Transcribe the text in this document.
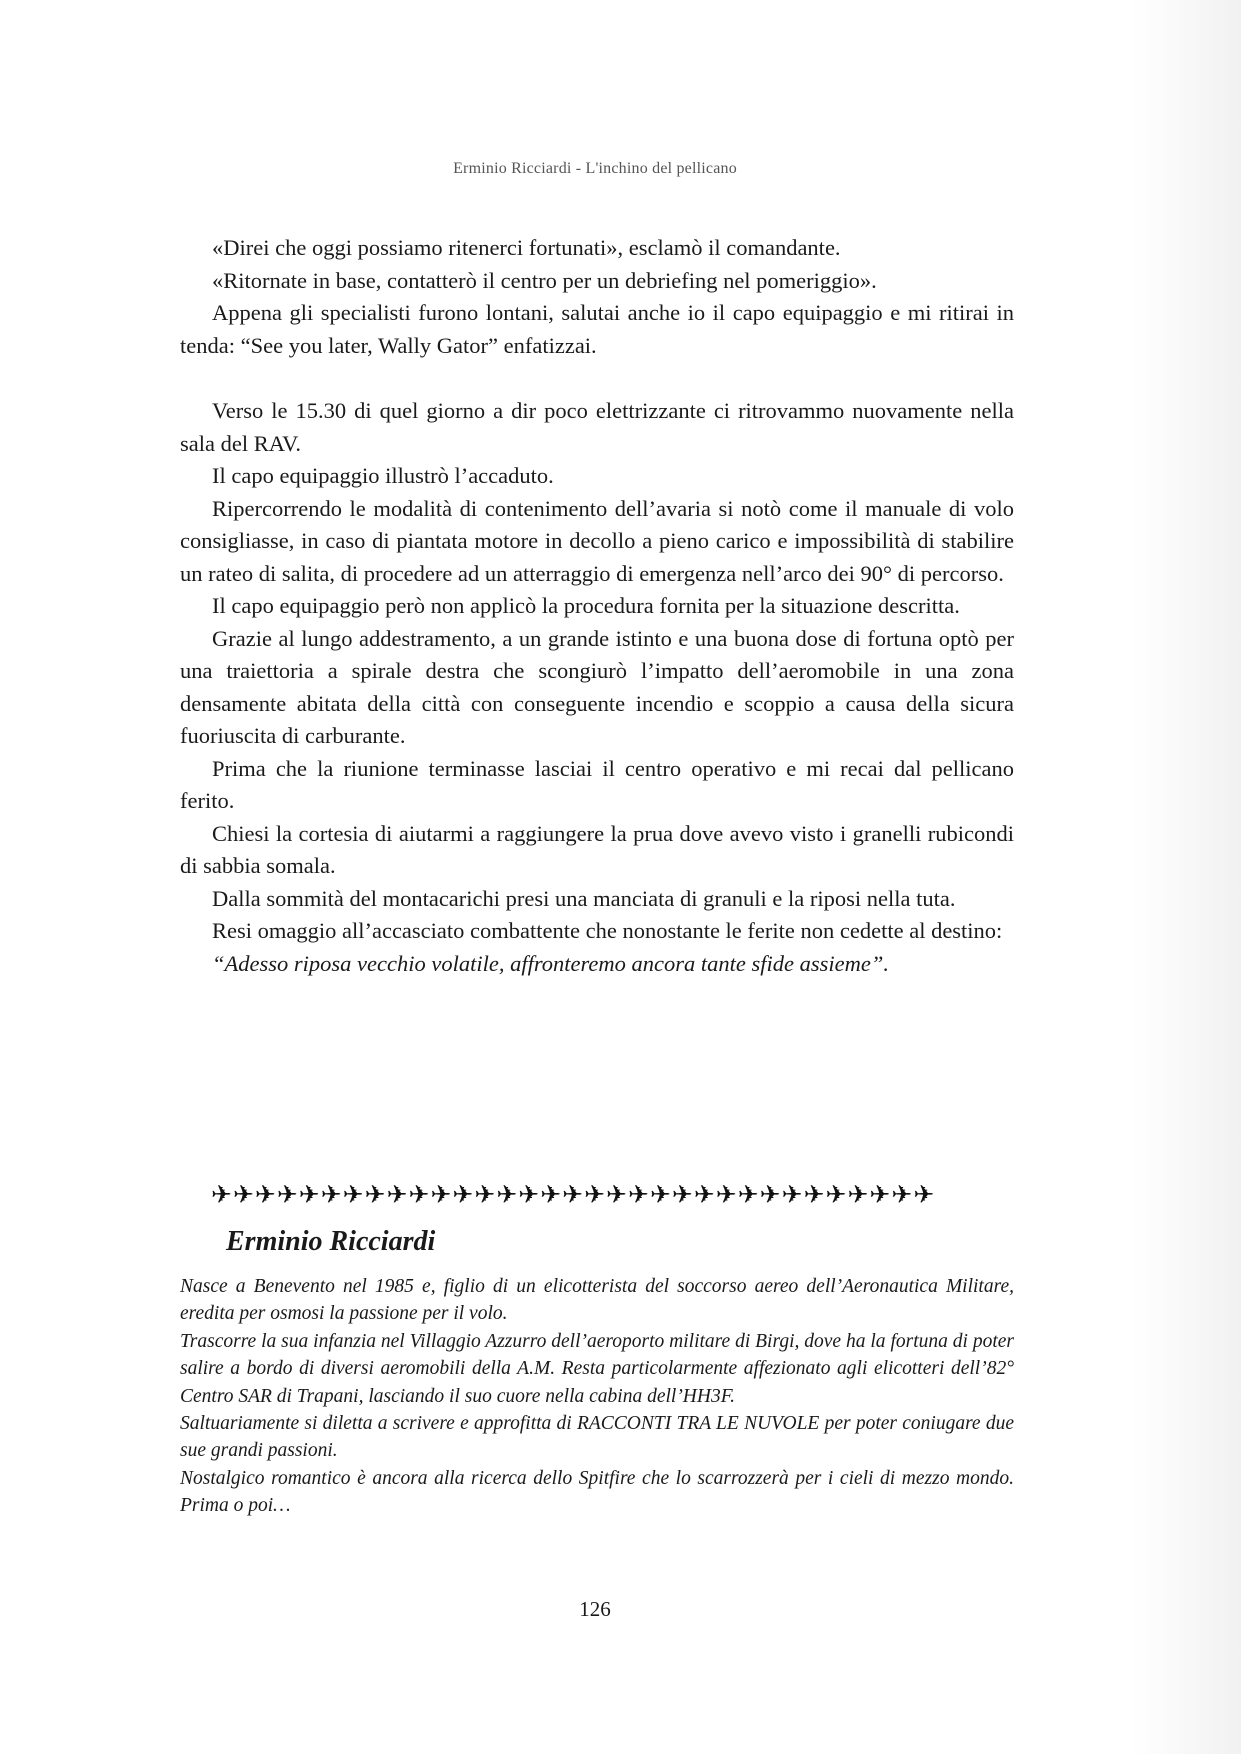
Erminio Ricciardi - L'inchino del pellicano

«Direi che oggi possiamo ritenerci fortunati», esclamò il comandante.

«Ritornate in base, contatterò il centro per un debriefing nel pomeriggio».

Appena gli specialisti furono lontani, salutai anche io il capo equipaggio e mi ritirai in tenda: “See you later, Wally Gator” enfatizzai.

Verso le 15.30 di quel giorno a dir poco elettrizzante ci ritrovammo nuovamente nella sala del RAV.

Il capo equipaggio illustrò l’accaduto.

Ripercorrendo le modalità di contenimento dell’avaria si notò come il manuale di volo consigliasse, in caso di piantata motore in decollo a pieno carico e impossibilità di stabilire un rateo di salita, di procedere ad un atterraggio di emergenza nell’arco dei 90° di percorso.

Il capo equipaggio però non applicò la procedura fornita per la situazione descritta.

Grazie al lungo addestramento, a un grande istinto e una buona dose di fortuna optò per una traiettoria a spirale destra che scongiurò l’impatto dell’aeromobile in una zona densamente abitata della città con conseguente incendio e scoppio a causa della sicura fuoriuscita di carburante.

Prima che la riunione terminasse lasciai il centro operativo e mi recai dal pellicano ferito.

Chiesi la cortesia di aiutarmi a raggiungere la prua dove avevo visto i granelli rubicondi di sabbia somala.

Dalla sommità del montacarichi presi una manciata di granuli e la riposi nella tuta.

Resi omaggio all’accasciato combattente che nonostante le ferite non cedette al destino:

“Adesso riposa vecchio volatile, affronteremo ancora tante sfide assieme”.

✈✈✈✈✈✈✈✈✈✈✈✈✈✈✈✈✈✈✈✈✈✈✈✈✈✈✈✈✈✈✈✈✈
Erminio Ricciardi

Nasce a Benevento nel 1985 e, figlio di un elicotterista del soccorso aereo dell’Aeronautica Militare, eredita per osmosi la passione per il volo.

Trascorre la sua infanzia nel Villaggio Azzurro dell’aeroporto militare di Birgi, dove ha la fortuna di poter salire a bordo di diversi aeromobili della A.M. Resta particolarmente affezionato agli elicotteri dell’82° Centro SAR di Trapani, lasciando il suo cuore nella cabina dell’HH3F.

Saltuariamente si diletta a scrivere e approfitta di RACCONTI TRA LE NUVOLE per poter coniugare due sue grandi passioni.

Nostalgico romantico è ancora alla ricerca dello Spitfire che lo scarrozzerà per i cieli di mezzo mondo. Prima o poi…

126
